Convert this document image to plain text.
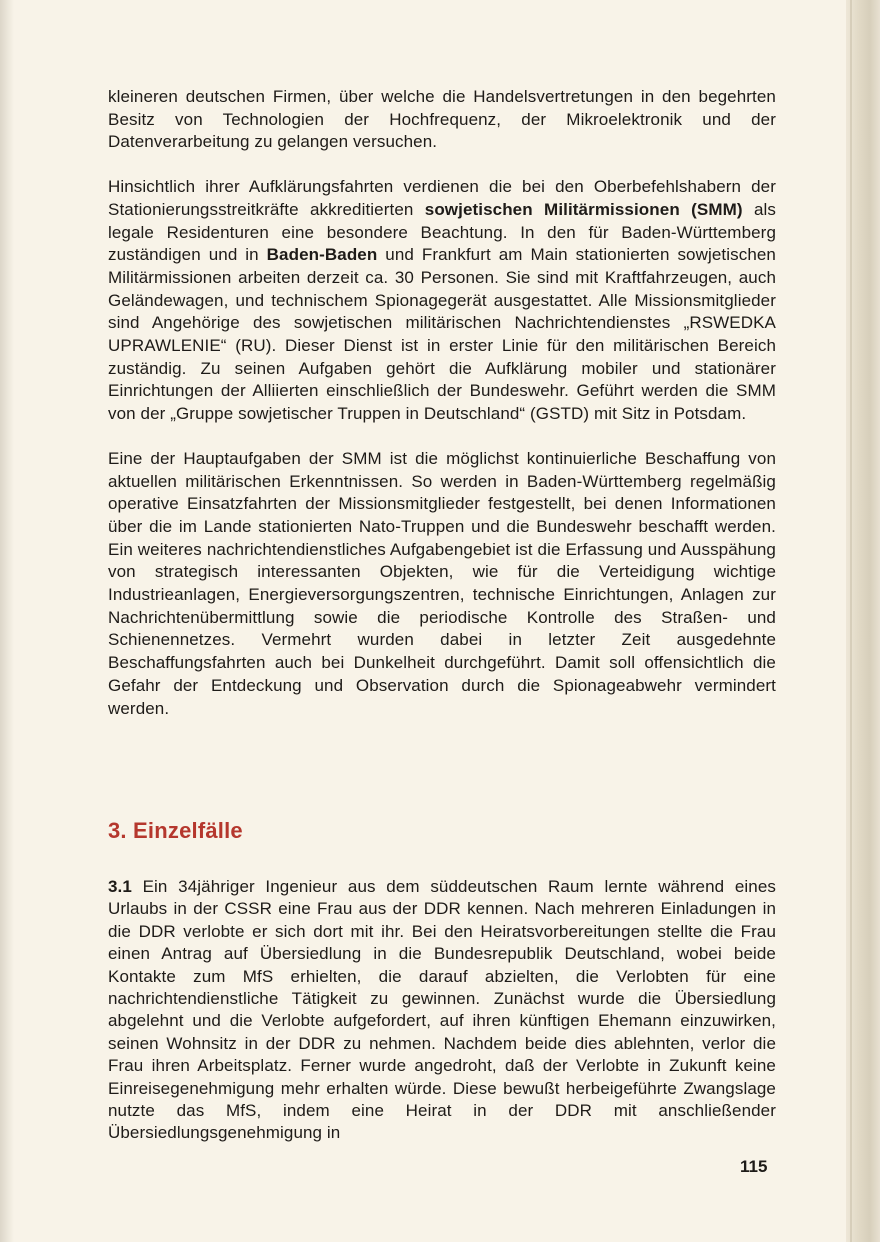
kleineren deutschen Firmen, über welche die Handelsvertretungen in den begehrten Besitz von Technologien der Hochfrequenz, der Mikroelektronik und der Datenverarbeitung zu gelangen versuchen.

Hinsichtlich ihrer Aufklärungsfahrten verdienen die bei den Oberbefehlshabern der Stationierungsstreitkräfte akkreditierten sowjetischen Militärmissionen (SMM) als legale Residenturen eine besondere Beachtung. In den für Baden-Württemberg zuständigen und in Baden-Baden und Frankfurt am Main stationierten sowjetischen Militärmissionen arbeiten derzeit ca. 30 Personen. Sie sind mit Kraftfahrzeugen, auch Geländewagen, und technischem Spionagegerät ausgestattet. Alle Missionsmitglieder sind Angehörige des sowjetischen militärischen Nachrichtendienstes „RSWEDKA UPRAWLENIE“ (RU). Dieser Dienst ist in erster Linie für den militärischen Bereich zuständig. Zu seinen Aufgaben gehört die Aufklärung mobiler und stationärer Einrichtungen der Alliierten einschließlich der Bundeswehr. Geführt werden die SMM von der „Gruppe sowjetischer Truppen in Deutschland“ (GSTD) mit Sitz in Potsdam.

Eine der Hauptaufgaben der SMM ist die möglichst kontinuierliche Beschaffung von aktuellen militärischen Erkenntnissen. So werden in Baden-Württemberg regelmäßig operative Einsatzfahrten der Missionsmitglieder festgestellt, bei denen Informationen über die im Lande stationierten Nato-Truppen und die Bundeswehr beschafft werden. Ein weiteres nachrichtendienstliches Aufgabengebiet ist die Erfassung und Ausspähung von strategisch interessanten Objekten, wie für die Verteidigung wichtige Industrieanlagen, Energieversorgungszentren, technische Einrichtungen, Anlagen zur Nachrichtenübermittlung sowie die periodische Kontrolle des Straßen- und Schienennetzes. Vermehrt wurden dabei in letzter Zeit ausgedehnte Beschaffungsfahrten auch bei Dunkelheit durchgeführt. Damit soll offensichtlich die Gefahr der Entdeckung und Observation durch die Spionageabwehr vermindert werden.

3. Einzelfälle

3.1 Ein 34jähriger Ingenieur aus dem süddeutschen Raum lernte während eines Urlaubs in der CSSR eine Frau aus der DDR kennen. Nach mehreren Einladungen in die DDR verlobte er sich dort mit ihr. Bei den Heiratsvorbereitungen stellte die Frau einen Antrag auf Übersiedlung in die Bundesrepublik Deutschland, wobei beide Kontakte zum MfS erhielten, die darauf abzielten, die Verlobten für eine nachrichtendienstliche Tätigkeit zu gewinnen. Zunächst wurde die Übersiedlung abgelehnt und die Verlobte aufgefordert, auf ihren künftigen Ehemann einzuwirken, seinen Wohnsitz in der DDR zu nehmen. Nachdem beide dies ablehnten, verlor die Frau ihren Arbeitsplatz. Ferner wurde angedroht, daß der Verlobte in Zukunft keine Einreisegenehmigung mehr erhalten würde. Diese bewußt herbeigeführte Zwangslage nutzte das MfS, indem eine Heirat in der DDR mit anschließender Übersiedlungsgenehmigung in

115
